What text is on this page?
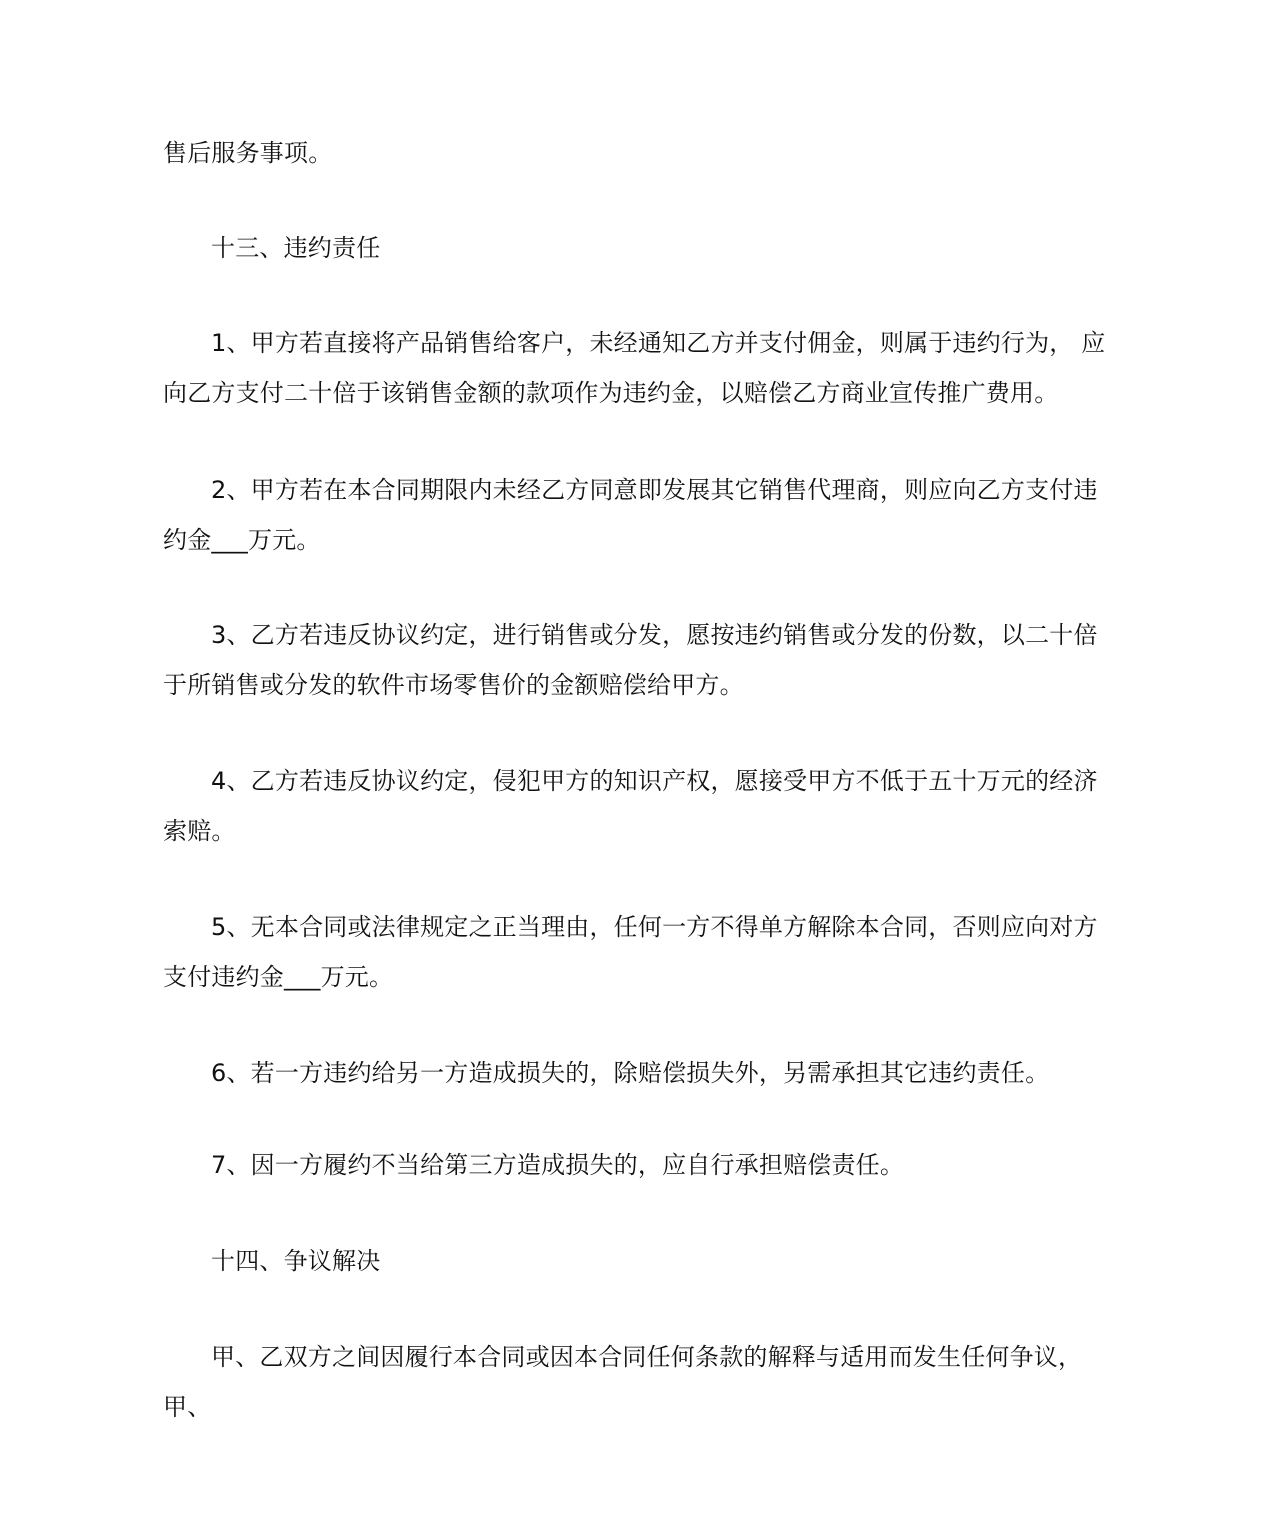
售后服务事项。

十三、违约责任

1、甲方若直接将产品销售给客户，未经通知乙方并支付佣金，则属于违约行为， 应向乙方支付二十倍于该销售金额的款项作为违约金，以赔偿乙方商业宣传推广费用。

2、甲方若在本合同期限内未经乙方同意即发展其它销售代理商，则应向乙方支付违约金___万元。

3、乙方若违反协议约定，进行销售或分发，愿按违约销售或分发的份数，以二十倍于所销售或分发的软件市场零售价的金额赔偿给甲方。

4、乙方若违反协议约定，侵犯甲方的知识产权，愿接受甲方不低于五十万元的经济索赔。

5、无本合同或法律规定之正当理由，任何一方不得单方解除本合同，否则应向对方支付违约金___万元。

6、若一方违约给另一方造成损失的，除赔偿损失外，另需承担其它违约责任。

7、因一方履约不当给第三方造成损失的，应自行承担赔偿责任。

十四、争议解决

甲、乙双方之间因履行本合同或因本合同任何条款的解释与适用而发生任何争议，甲、
